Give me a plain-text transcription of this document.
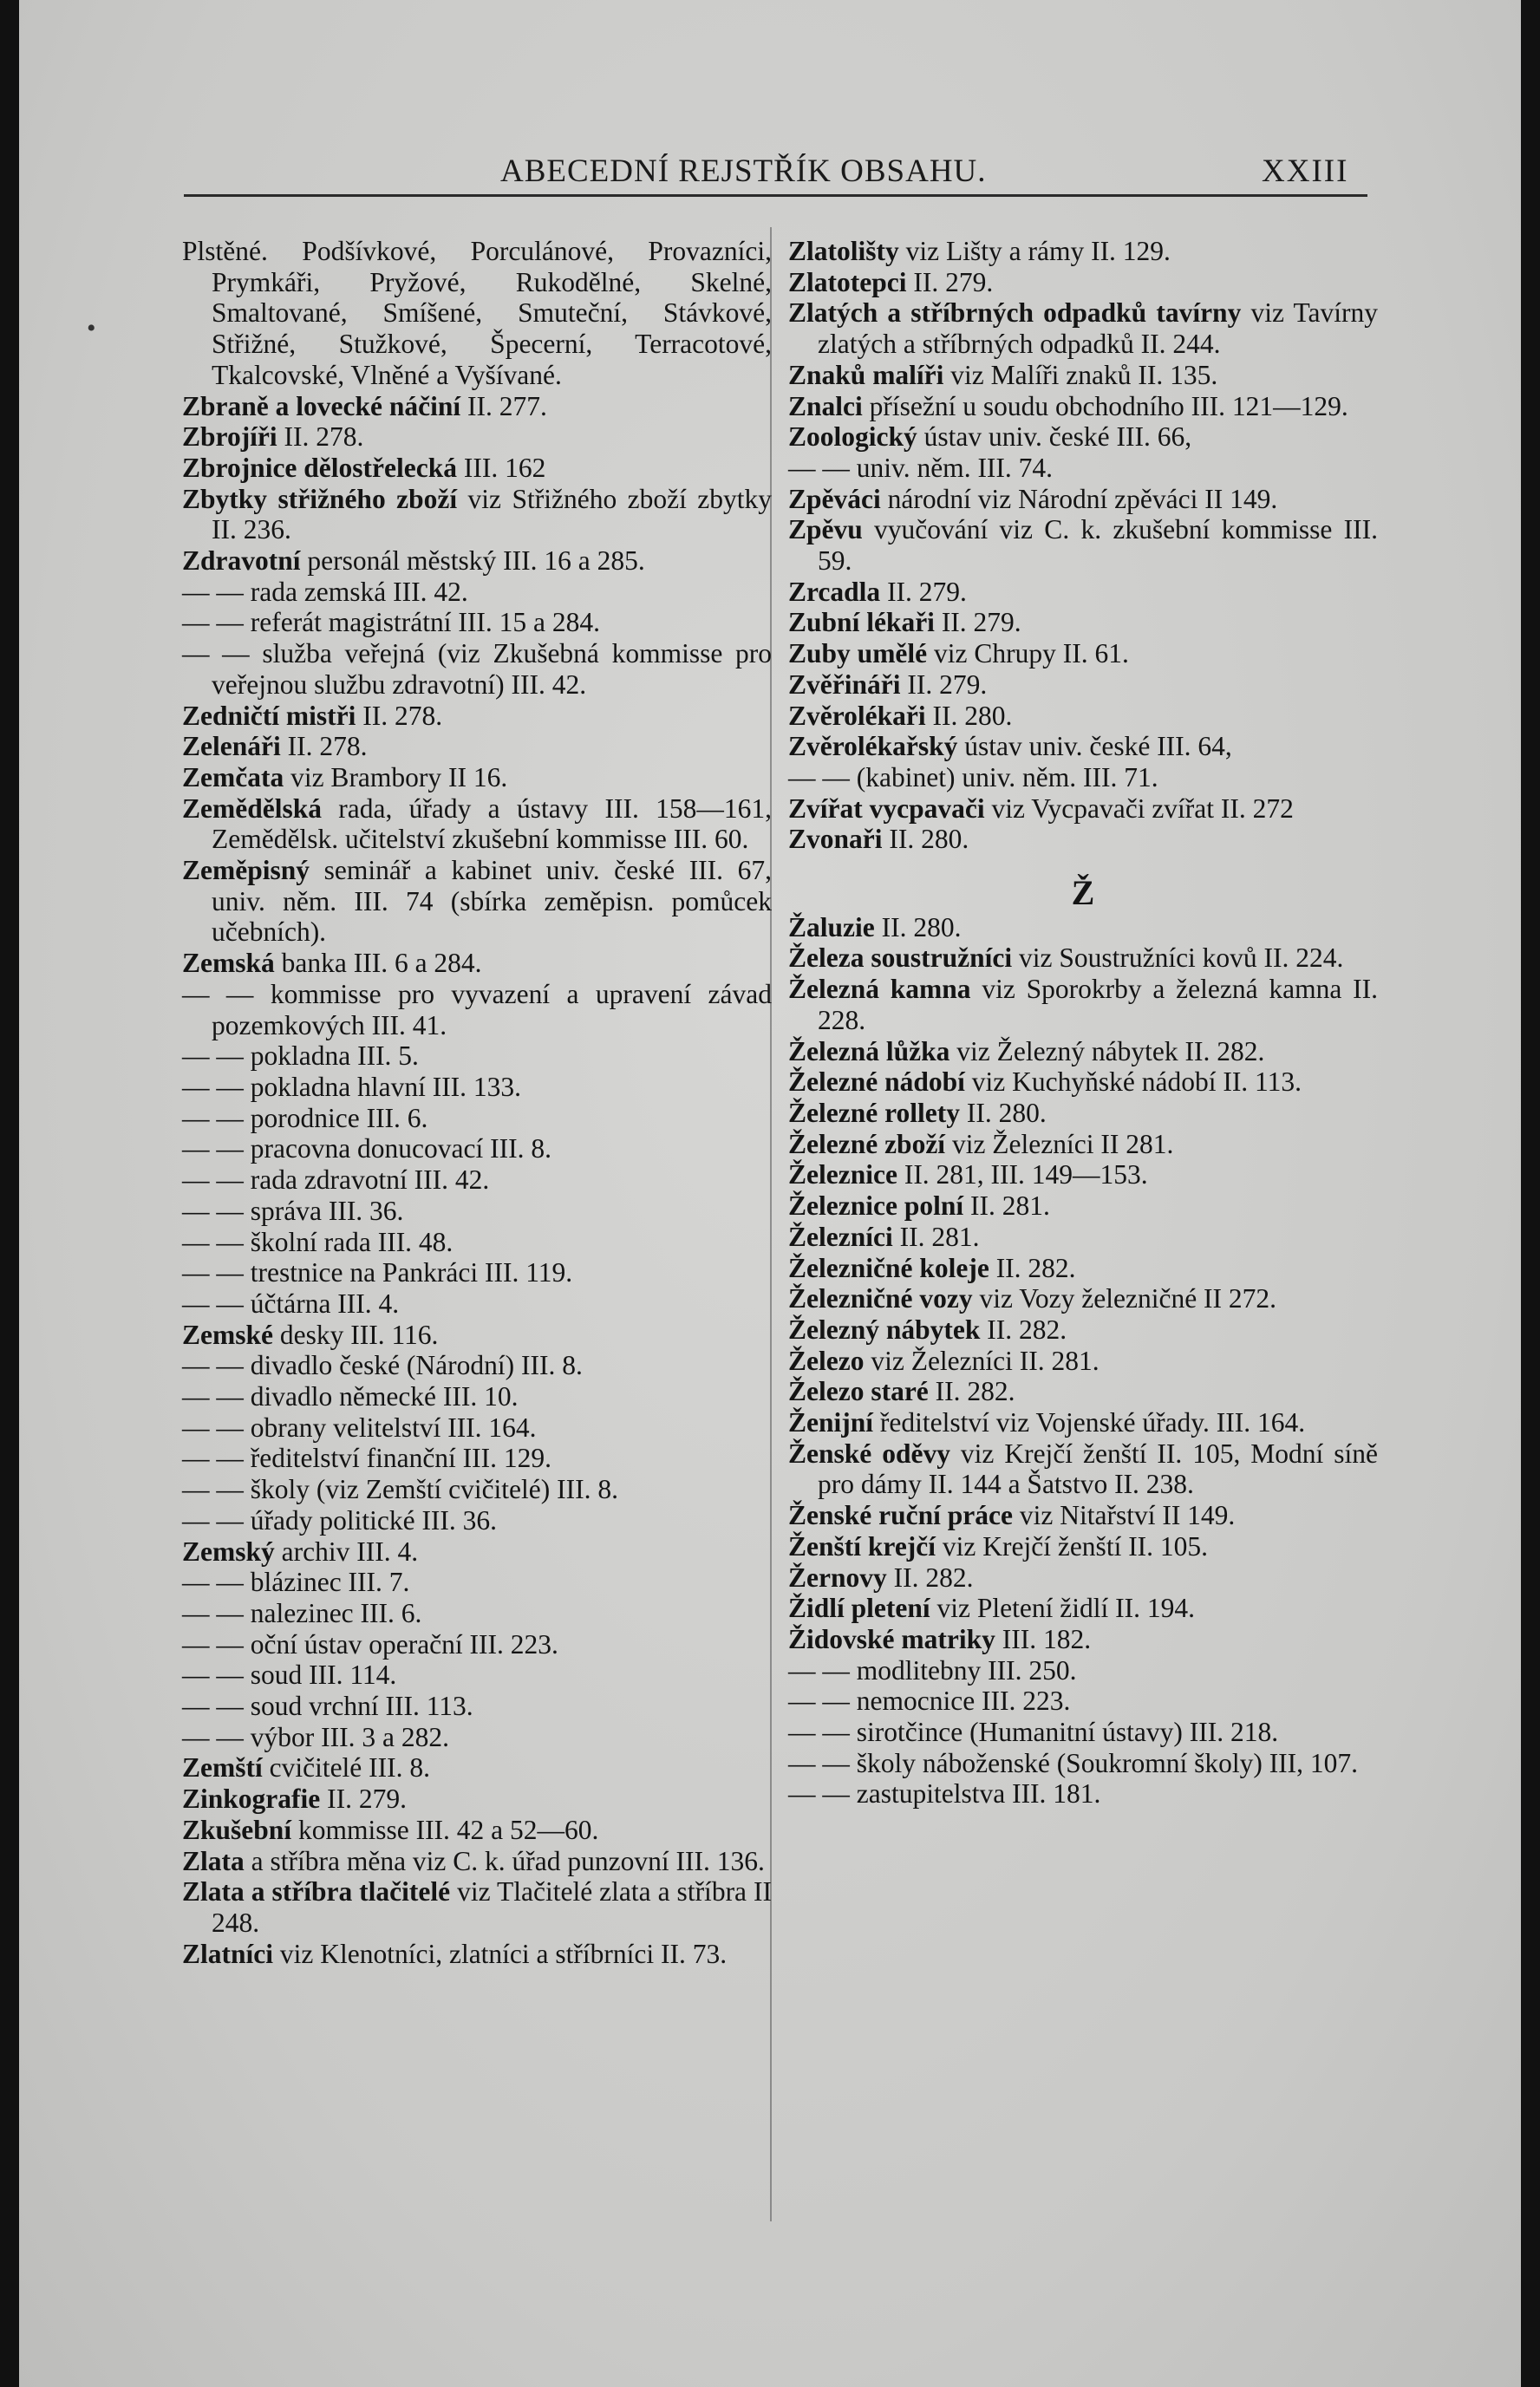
ABECEDNÍ REJSTŘÍK OBSAHU.	XXIII
•

Plstěné. Podšívkové, Porculánové, Provazníci, Prymkáři, Pryžové, Rukodělné, Skelné, Smaltované, Smíšené, Smuteční, Stávkové, Střižné, Stužkové, Špecerní, Terracotové, Tkalcovské, Vlněné a Vyšívané.

Zbraně a lovecké náčiní II. 277.

Zbrojíři II. 278.

Zbrojnice dělostřelecká III. 162

Zbytky střižného zboží viz Střižného zboží zbytky II. 236.

Zdravotní personál městský III. 16 a 285.

— — rada zemská III. 42.

— — referát magistrátní III. 15 a 284.

— — služba veřejná (viz Zkušebná kommisse pro veřejnou službu zdravotní) III. 42.

Zedničtí mistři II. 278.

Zelenáři II. 278.

Zemčata viz Brambory II 16.

Zemědělská rada, úřady a ústavy III. 158—161, Zemědělsk. učitelství zkušební kommisse III. 60.

Zeměpisný seminář a kabinet univ. české III. 67, univ. něm. III. 74 (sbírka zeměpisn. pomůcek učebních).

Zemská banka III. 6 a 284.

— — kommisse pro vyvazení a upravení závad pozemkových III. 41.

— — pokladna III. 5.

— — pokladna hlavní III. 133.

— — porodnice III. 6.

— — pracovna donucovací III. 8.

— — rada zdravotní III. 42.

— — správa III. 36.

— — školní rada III. 48.

— — trestnice na Pankráci III. 119.

— — účtárna III. 4.

Zemské desky III. 116.

— — divadlo české (Národní) III. 8.

— — divadlo německé III. 10.

— — obrany velitelství III. 164.

— — ředitelství finanční III. 129.

— — školy (viz Zemští cvičitelé) III. 8.

— — úřady politické III. 36.

Zemský archiv III. 4.

— — blázinec III. 7.

— — nalezinec III. 6.

— — oční ústav operační III. 223.

— — soud III. 114.

— — soud vrchní III. 113.

— — výbor III. 3 a 282.

Zemští cvičitelé III. 8.

Zinkografie II. 279.

Zkušební kommisse III. 42 a 52—60.

Zlata a stříbra měna viz C. k. úřad punzovní III. 136.

Zlata a stříbra tlačitelé viz Tlačitelé zlata a stříbra II 248.

Zlatníci viz Klenotníci, zlatníci a stříbrníci II. 73.

Zlatolišty viz Lišty a rámy II. 129.

Zlatotepci II. 279.

Zlatých a stříbrných odpadků tavírny viz Tavírny zlatých a stříbrných odpadků II. 244.

Znaků malíři viz Malíři znaků II. 135.

Znalci přísežní u soudu obchodního III. 121—129.

Zoologický ústav univ. české III. 66,

— — univ. něm. III. 74.

Zpěváci národní viz Národní zpěváci II 149.

Zpěvu vyučování viz C. k. zkušební kommisse III. 59.

Zrcadla II. 279.

Zubní lékaři II. 279.

Zuby umělé viz Chrupy II. 61.

Zvěřináři II. 279.

Zvěrolékaři II. 280.

Zvěrolékařský ústav univ. české III. 64,

— — (kabinet) univ. něm. III. 71.

Zvířat vycpavači viz Vycpavači zvířat II. 272

Zvonaři II. 280.

Ž

Žaluzie II. 280.

Železa soustružníci viz Soustružníci kovů II. 224.

Železná kamna viz Sporokrby a železná kamna II. 228.

Železná lůžka viz Železný nábytek II. 282.

Železné nádobí viz Kuchyňské nádobí II. 113.

Železné rollety II. 280.

Železné zboží viz Železníci II 281.

Železnice II. 281, III. 149—153.

Železnice polní II. 281.

Železníci II. 281.

Železničné koleje II. 282.

Železničné vozy viz Vozy železničné II 272.

Železný nábytek II. 282.

Železo viz Železníci II. 281.

Železo staré II. 282.

Ženijní ředitelství viz Vojenské úřady. III. 164.

Ženské oděvy viz Krejčí ženští II. 105, Modní síně pro dámy II. 144 a Šatstvo II. 238.

Ženské ruční práce viz Nitařství II 149.

Ženští krejčí viz Krejčí ženští II. 105.

Žernovy II. 282.

Židlí pletení viz Pletení židlí II. 194.

Židovské matriky III. 182.

— — modlitebny III. 250.

— — nemocnice III. 223.

— — sirotčince (Humanitní ústavy) III. 218.

— — školy náboženské (Soukromní školy) III, 107.

— — zastupitelstva III. 181.
